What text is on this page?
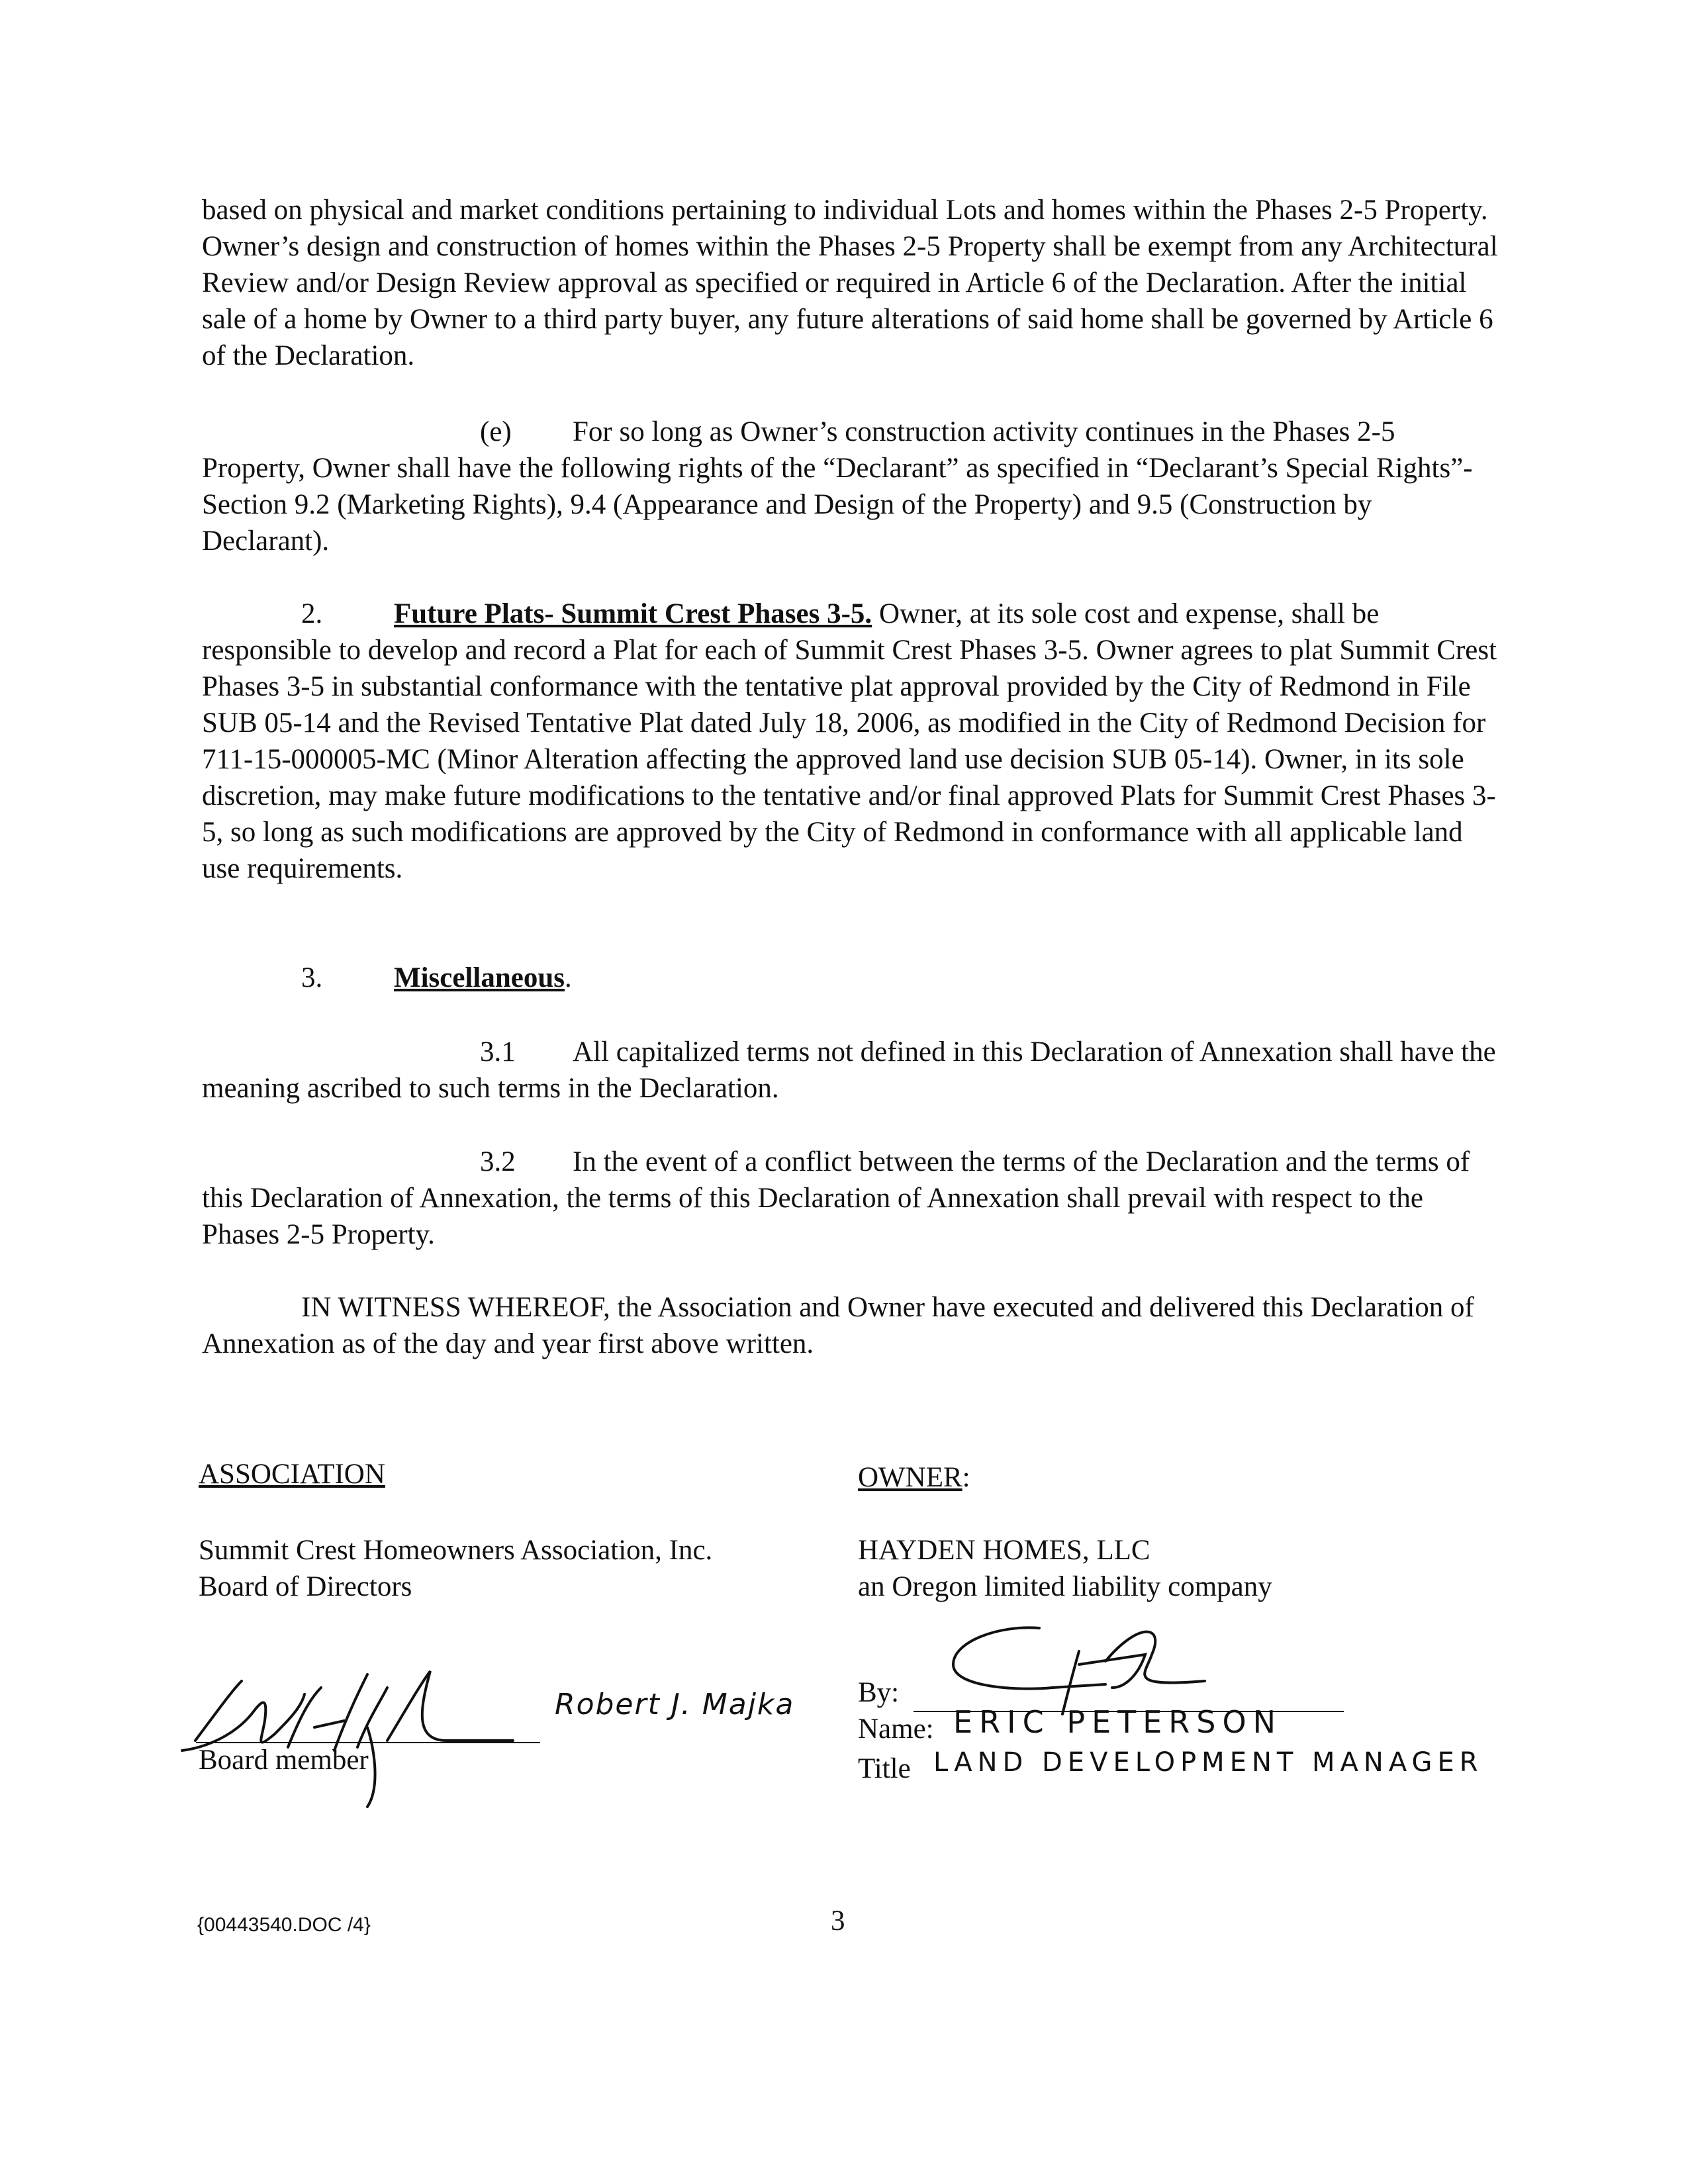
based on physical and market conditions pertaining to individual Lots and homes within the Phases 2-5 Property. Owner’s design and construction of homes within the Phases 2-5 Property shall be exempt from any Architectural Review and/or Design Review approval as specified or required in Article 6 of the Declaration. After the initial sale of a home by Owner to a third party buyer, any future alterations of said home shall be governed by Article 6 of the Declaration.

(e) For so long as Owner’s construction activity continues in the Phases 2-5 Property, Owner shall have the following rights of the “Declarant” as specified in “Declarant’s Special Rights”- Section 9.2 (Marketing Rights), 9.4 (Appearance and Design of the Property) and 9.5 (Construction by Declarant).

2.	Future Plats- Summit Crest Phases 3-5. Owner, at its sole cost and expense, shall be responsible to develop and record a Plat for each of Summit Crest Phases 3-5. Owner agrees to plat Summit Crest Phases 3-5 in substantial conformance with the tentative plat approval provided by the City of Redmond in File SUB 05-14 and the Revised Tentative Plat dated July 18, 2006, as modified in the City of Redmond Decision for 711-15-000005-MC (Minor Alteration affecting the approved land use decision SUB 05-14). Owner, in its sole discretion, may make future modifications to the tentative and/or final approved Plats for Summit Crest Phases 3-5, so long as such modifications are approved by the City of Redmond in conformance with all applicable land use requirements.

3.	Miscellaneous.

3.1 All capitalized terms not defined in this Declaration of Annexation shall have the meaning ascribed to such terms in the Declaration.

3.2 In the event of a conflict between the terms of the Declaration and the terms of this Declaration of Annexation, the terms of this Declaration of Annexation shall prevail with respect to the Phases 2-5 Property.

IN WITNESS WHEREOF, the Association and Owner have executed and delivered this Declaration of Annexation as of the day and year first above written.

ASSOCIATION
Summit Crest Homeowners Association, Inc.
Board of Directors
Board member
Robert J. Majka
OWNER:
HAYDEN HOMES, LLC
an Oregon limited liability company
By:
Name: ERIC PETERSON
Title LAND DEVELOPMENT MANAGER
{00443540.DOC /4}	3
